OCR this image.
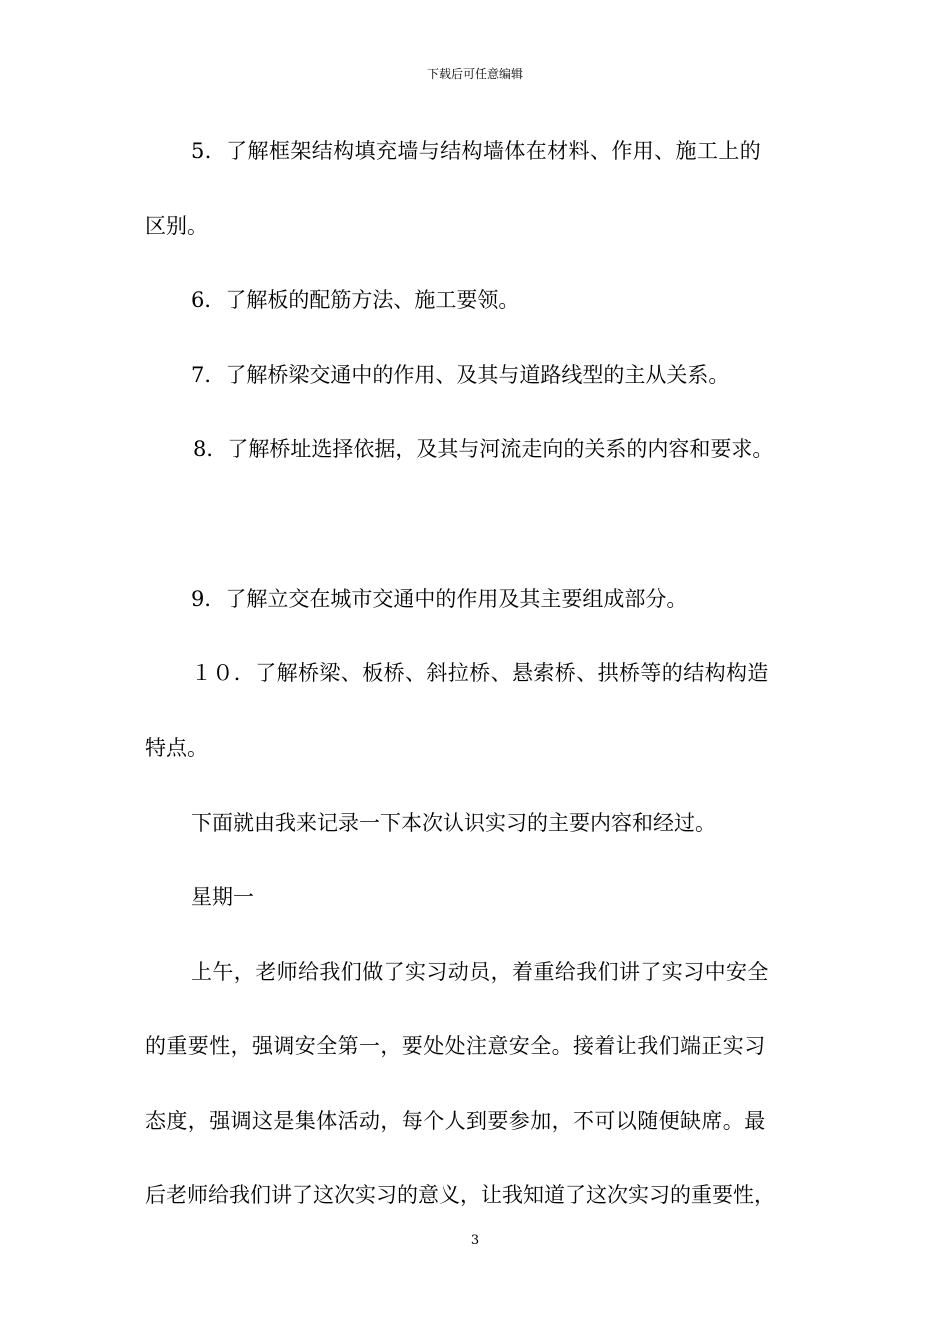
下载后可任意编辑
5．了解框架结构填充墙与结构墙体在材料、作用、施工上的
区别。
6．了解板的配筋方法、施工要领。
7．了解桥梁交通中的作用、及其与道路线型的主从关系。
8．了解桥址选择依据，及其与河流走向的关系的内容和要求。
9．了解立交在城市交通中的作用及其主要组成部分。
１０．了解桥梁、板桥、斜拉桥、悬索桥、拱桥等的结构构造
特点。
下面就由我来记录一下本次认识实习的主要内容和经过。
星期一
上午，老师给我们做了实习动员，着重给我们讲了实习中安全
的重要性，强调安全第一，要处处注意安全。接着让我们端正实习
态度，强调这是集体活动，每个人到要参加，不可以随便缺席。最
后老师给我们讲了这次实习的意义，让我知道了这次实习的重要性，
3
